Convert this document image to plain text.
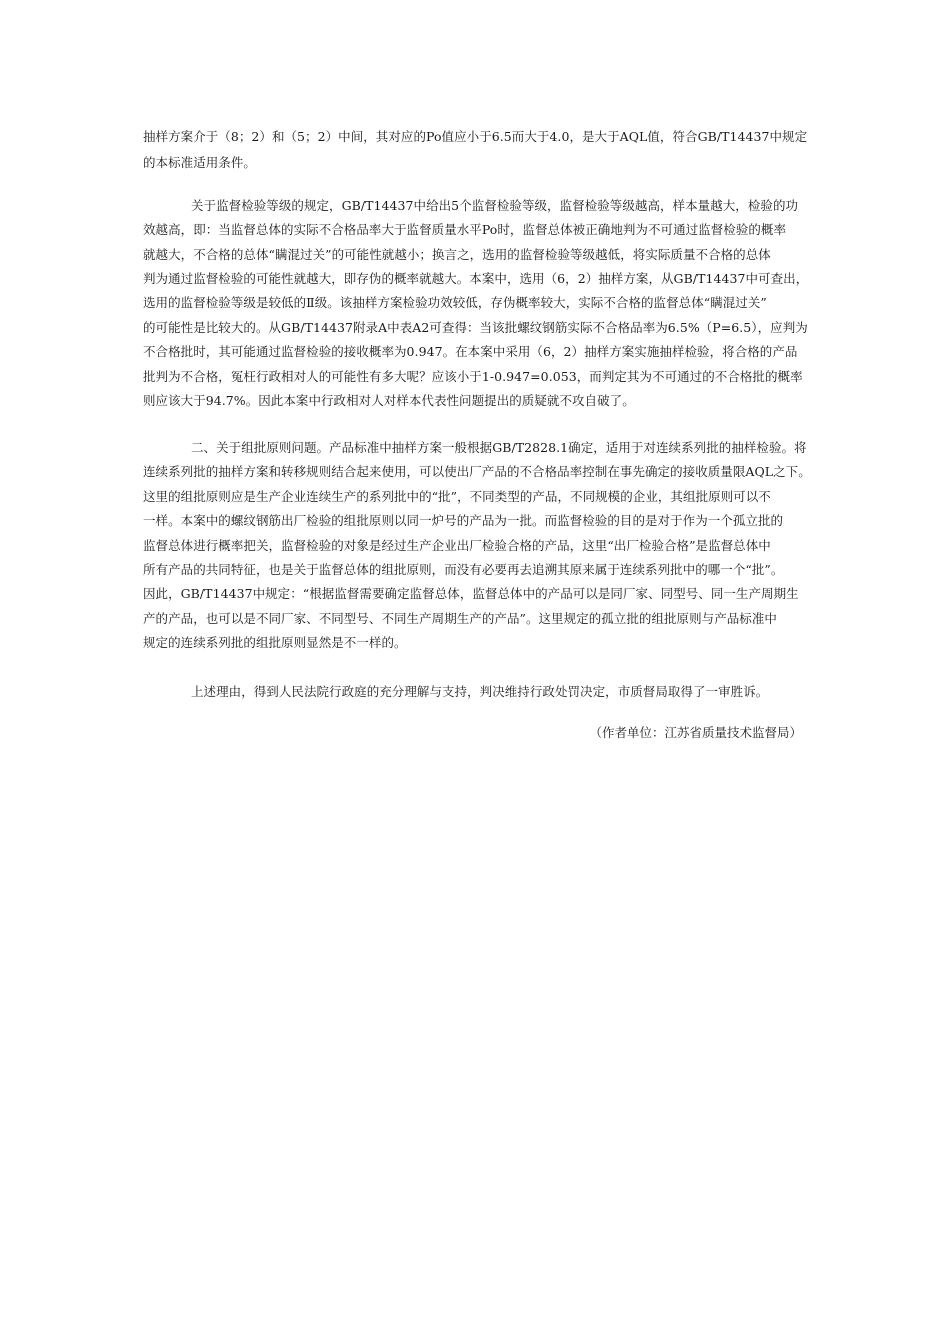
抽样方案介于（8；2）和（5；2）中间，其对应的Po值应小于6.5而大于4.0，是大于AQL值，符合GB/T14437中规定
的本标准适用条件。
关于监督检验等级的规定，GB/T14437中给出5个监督检验等级，监督检验等级越高，样本量越大，检验的功
效越高，即：当监督总体的实际不合格品率大于监督质量水平Po时，监督总体被正确地判为不可通过监督检验的概率
就越大，不合格的总体“瞒混过关”的可能性就越小；换言之，选用的监督检验等级越低，将实际质量不合格的总体
判为通过监督检验的可能性就越大，即存伪的概率就越大。本案中，选用（6，2）抽样方案，从GB/T14437中可查出，
选用的监督检验等级是较低的Ⅱ级。该抽样方案检验功效较低，存伪概率较大，实际不合格的监督总体“瞒混过关”
的可能性是比较大的。从GB/T14437附录A中表A2可查得：当该批螺纹钢筋实际不合格品率为6.5%（P=6.5），应判为
不合格批时，其可能通过监督检验的接收概率为0.947。在本案中采用（6，2）抽样方案实施抽样检验，将合格的产品
批判为不合格，冤枉行政相对人的可能性有多大呢？应该小于1-0.947=0.053，而判定其为不可通过的不合格批的概率
则应该大于94.7%。因此本案中行政相对人对样本代表性问题提出的质疑就不攻自破了。
二、关于组批原则问题。产品标准中抽样方案一般根据GB/T2828.1确定，适用于对连续系列批的抽样检验。将
连续系列批的抽样方案和转移规则结合起来使用，可以使出厂产品的不合格品率控制在事先确定的接收质量限AQL之下。
这里的组批原则应是生产企业连续生产的系列批中的“批”，不同类型的产品，不同规模的企业，其组批原则可以不
一样。本案中的螺纹钢筋出厂检验的组批原则以同一炉号的产品为一批。而监督检验的目的是对于作为一个孤立批的
监督总体进行概率把关，监督检验的对象是经过生产企业出厂检验合格的产品，这里“出厂检验合格”是监督总体中
所有产品的共同特征，也是关于监督总体的组批原则，而没有必要再去追溯其原来属于连续系列批中的哪一个“批”。
因此，GB/T14437中规定：“根据监督需要确定监督总体，监督总体中的产品可以是同厂家、同型号、同一生产周期生
产的产品，也可以是不同厂家、不同型号、不同生产周期生产的产品”。这里规定的孤立批的组批原则与产品标准中
规定的连续系列批的组批原则显然是不一样的。
上述理由，得到人民法院行政庭的充分理解与支持，判决维持行政处罚决定，市质督局取得了一审胜诉。
（作者单位：江苏省质量技术监督局）
